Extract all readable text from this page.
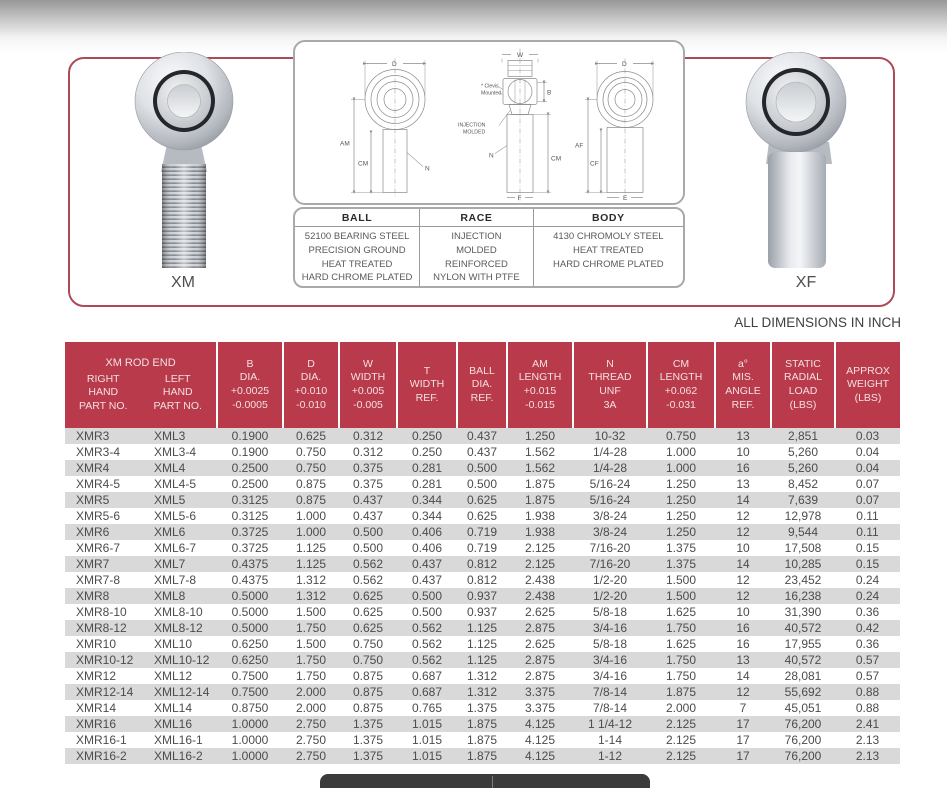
XM	XF
D
AM
CM
N
W
* Clevis
Mounted	B
INJECTION
MOLDED
N	CM
F
D
AF
CF
E
BALL
52100 BEARING STEEL
PRECISION GROUND
HEAT TREATED
HARD CHROME PLATED
RACE
INJECTION
MOLDED
REINFORCED
NYLON WITH PTFE
BODY
4130 CHROMOLY STEEL
HEAT TREATED
HARD CHROME PLATED
ALL DIMENSIONS IN INCH
XM ROD END
RIGHT
HAND
PART NO.
LEFT
HAND
PART NO.

B
DIA.
+0.0025
-0.0005

D
DIA.
+0.010
-0.010

W
WIDTH
+0.005
-0.005

T
WIDTH
REF.

BALL
DIA.
REF.

AM
LENGTH
+0.015
-0.015

N
THREAD
UNF
3A

CM
LENGTH
+0.062
-0.031

a°
MIS.
ANGLE
REF.

STATIC
RADIAL
LOAD
(LBS)

APPROX
WEIGHT
(LBS)

XMR3	XML3	0.1900	0.625	0.312	0.250	0.437	1.250	10-32	0.750	13	2,851	0.03
XMR3-4	XML3-4	0.1900	0.750	0.312	0.250	0.437	1.562	1/4-28	1.000	10	5,260	0.04
XMR4	XML4	0.2500	0.750	0.375	0.281	0.500	1.562	1/4-28	1.000	16	5,260	0.04
XMR4-5	XML4-5	0.2500	0.875	0.375	0.281	0.500	1.875	5/16-24	1.250	13	8,452	0.07
XMR5	XML5	0.3125	0.875	0.437	0.344	0.625	1.875	5/16-24	1.250	14	7,639	0.07
XMR5-6	XML5-6	0.3125	1.000	0.437	0.344	0.625	1.938	3/8-24	1.250	12	12,978	0.11
XMR6	XML6	0.3725	1.000	0.500	0.406	0.719	1.938	3/8-24	1.250	12	9,544	0.11
XMR6-7	XML6-7	0.3725	1.125	0.500	0.406	0.719	2.125	7/16-20	1.375	10	17,508	0.15
XMR7	XML7	0.4375	1.125	0.562	0.437	0.812	2.125	7/16-20	1.375	14	10,285	0.15
XMR7-8	XML7-8	0.4375	1.312	0.562	0.437	0.812	2.438	1/2-20	1.500	12	23,452	0.24
XMR8	XML8	0.5000	1.312	0.625	0.500	0.937	2.438	1/2-20	1.500	12	16,238	0.24
XMR8-10	XML8-10	0.5000	1.500	0.625	0.500	0.937	2.625	5/8-18	1.625	10	31,390	0.36
XMR8-12	XML8-12	0.5000	1.750	0.625	0.562	1.125	2.875	3/4-16	1.750	16	40,572	0.42
XMR10	XML10	0.6250	1.500	0.750	0.562	1.125	2.625	5/8-18	1.625	16	17,955	0.36
XMR10-12	XML10-12	0.6250	1.750	0.750	0.562	1.125	2.875	3/4-16	1.750	13	40,572	0.57
XMR12	XML12	0.7500	1.750	0.875	0.687	1.312	2.875	3/4-16	1.750	14	28,081	0.57
XMR12-14	XML12-14	0.7500	2.000	0.875	0.687	1.312	3.375	7/8-14	1.875	12	55,692	0.88
XMR14	XML14	0.8750	2.000	0.875	0.765	1.375	3.375	7/8-14	2.000	7	45,051	0.88
XMR16	XML16	1.0000	2.750	1.375	1.015	1.875	4.125	1 1/4-12	2.125	17	76,200	2.41
XMR16-1	XML16-1	1.0000	2.750	1.375	1.015	1.875	4.125	1-14	2.125	17	76,200	2.13
XMR16-2	XML16-2	1.0000	2.750	1.375	1.015	1.875	4.125	1-12	2.125	17	76,200	2.13
